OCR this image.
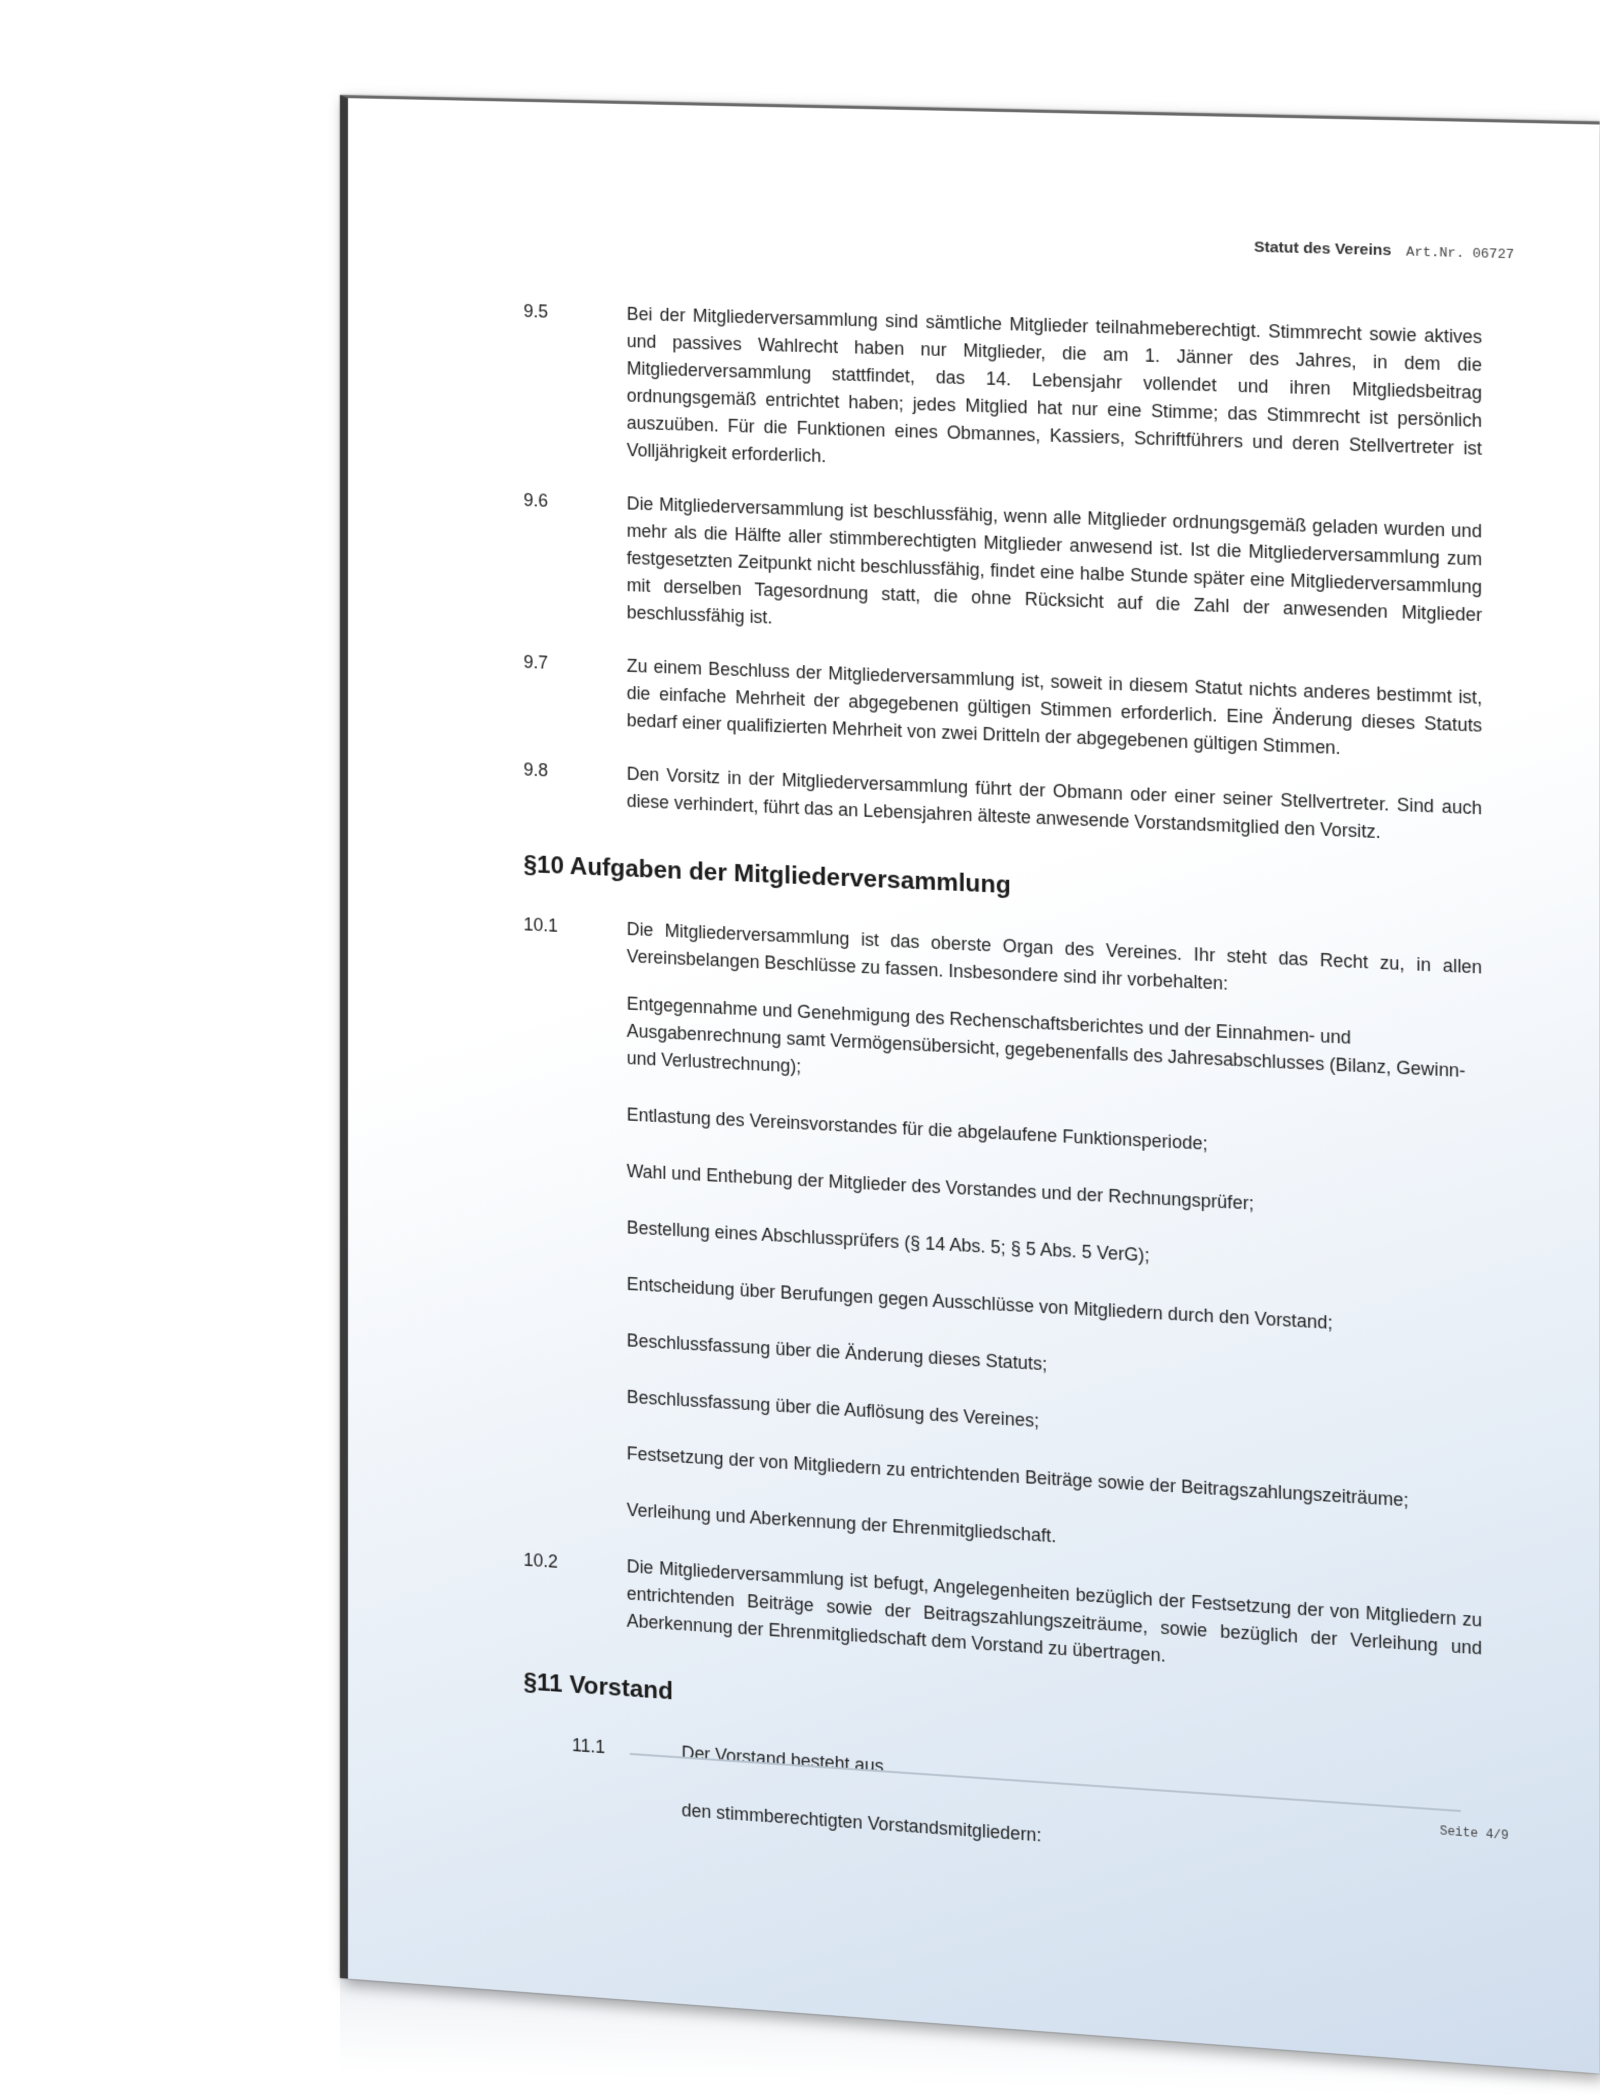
Statut des Vereins Art.Nr. 06727
9.5	Bei der Mitgliederversammlung sind sämtliche Mitglieder teilnahmeberechtigt. Stimmrecht sowie aktives und passives Wahlrecht haben nur Mitglieder, die am 1. Jänner des Jahres, in dem die Mitgliederversammlung stattfindet, das 14. Lebensjahr vollendet und ihren Mitgliedsbeitrag ordnungsgemäß entrichtet haben; jedes Mitglied hat nur eine Stimme; das Stimmrecht ist persönlich auszuüben. Für die Funktionen eines Obmannes, Kassiers, Schriftführers und deren Stellvertreter ist Volljährigkeit erforderlich.

9.6	Die Mitgliederversammlung ist beschlussfähig, wenn alle Mitglieder ordnungsgemäß geladen wurden und mehr als die Hälfte aller stimmberechtigten Mitglieder anwesend ist. Ist die Mitgliederversammlung zum festgesetzten Zeitpunkt nicht beschlussfähig, findet eine halbe Stunde später eine Mitgliederversammlung mit derselben Tagesordnung statt, die ohne Rücksicht auf die Zahl der anwesenden Mitglieder beschlussfähig ist.

9.7	Zu einem Beschluss der Mitgliederversammlung ist, soweit in diesem Statut nichts anderes bestimmt ist, die einfache Mehrheit der abgegebenen gültigen Stimmen erforderlich. Eine Änderung dieses Statuts bedarf einer qualifizierten Mehrheit von zwei Dritteln der abgegebenen gültigen Stimmen.

9.8	Den Vorsitz in der Mitgliederversammlung führt der Obmann oder einer seiner Stellvertreter. Sind auch diese verhindert, führt das an Lebensjahren älteste anwesende Vorstandsmitglied den Vorsitz.

§10 Aufgaben der Mitgliederversammlung
10.1	Die Mitgliederversammlung ist das oberste Organ des Vereines. Ihr steht das Recht zu, in allen Vereinsbelangen Beschlüsse zu fassen. Insbesondere sind ihr vorbehalten:

Entgegennahme und Genehmigung des Rechenschaftsberichtes und der Einnahmen- und Ausgabenrechnung samt Vermögensübersicht, gegebenenfalls des Jahresabschlusses (Bilanz, Gewinn- und Verlustrechnung);
Entlastung des Vereinsvorstandes für die abgelaufene Funktionsperiode;
Wahl und Enthebung der Mitglieder des Vorstandes und der Rechnungsprüfer;
Bestellung eines Abschlussprüfers (§ 14 Abs. 5; § 5 Abs. 5 VerG);
Entscheidung über Berufungen gegen Ausschlüsse von Mitgliedern durch den Vorstand;
Beschlussfassung über die Änderung dieses Statuts;
Beschlussfassung über die Auflösung des Vereines;
Festsetzung der von Mitgliedern zu entrichtenden Beiträge sowie der Beitragszahlungszeiträume;
Verleihung und Aberkennung der Ehrenmitgliedschaft.
10.2	Die Mitgliederversammlung ist befugt, Angelegenheiten bezüglich der Festsetzung der von Mitgliedern zu entrichtenden Beiträge sowie der Beitragszahlungszeiträume, sowie bezüglich der Verleihung und Aberkennung der Ehrenmitgliedschaft dem Vorstand zu übertragen.

§11 Vorstand
11.1	Der Vorstand besteht aus
den stimmberechtigten Vorstandsmitgliedern:	Seite 4/9
